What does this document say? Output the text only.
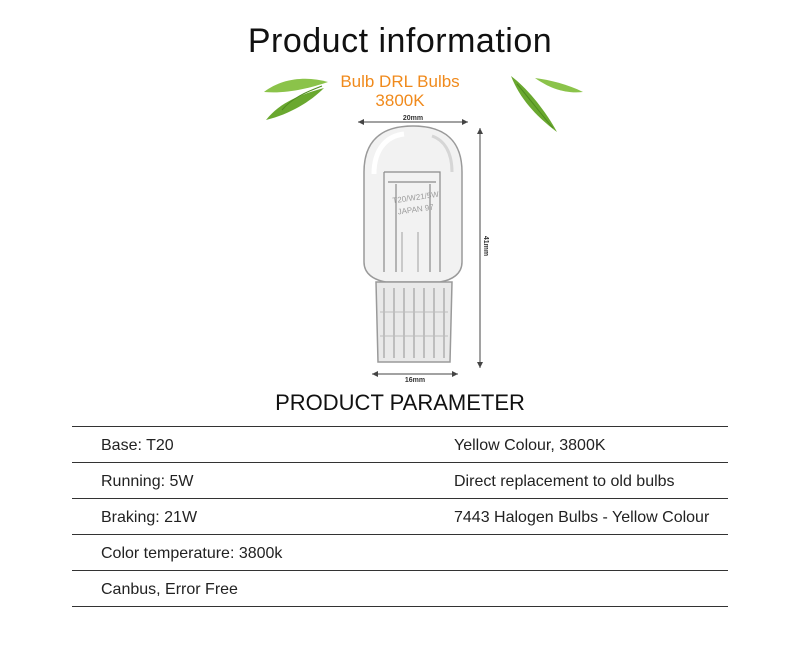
Product information
Bulb DRL Bulbs
3800K
20mm
41mm
16mm
T20/W21/5W
JAPAN 97
PRODUCT PARAMETER
Base: T20	Yellow Colour, 3800K
Running: 5W	Direct replacement to old bulbs
Braking: 21W	7443 Halogen Bulbs - Yellow Colour
Color temperature: 3800k
Canbus, Error Free
